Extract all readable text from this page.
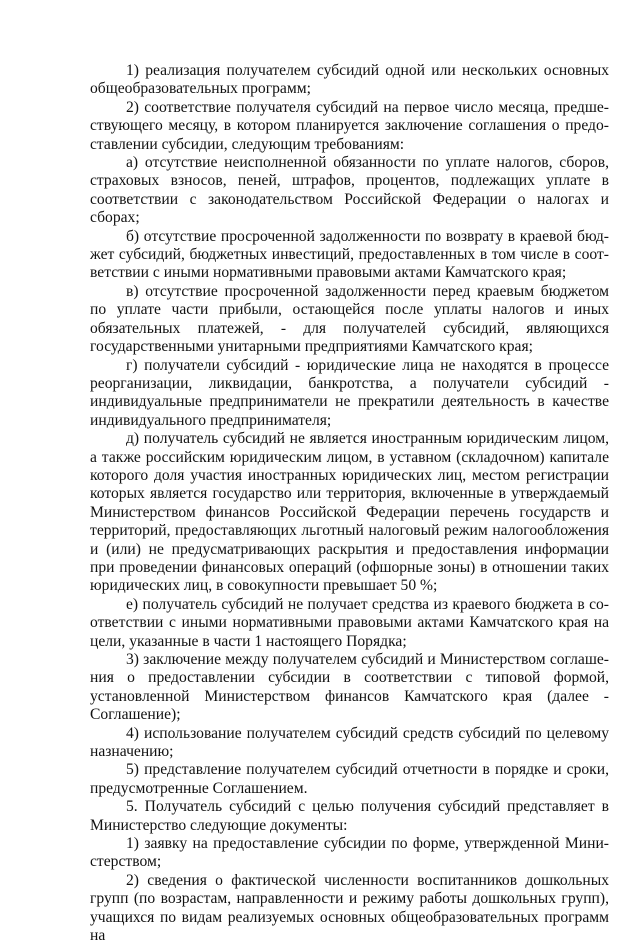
1) реализация получателем субсидий одной или нескольких основных общеобразовательных программ;

2) соответствие получателя субсидий на первое число месяца, предшествующего месяцу, в котором планируется заключение соглашения о предоставлении субсидии, следующим требованиям:

а) отсутствие неисполненной обязанности по уплате налогов, сборов, страховых взносов, пеней, штрафов, процентов, подлежащих уплате в соответствии с законодательством Российской Федерации о налогах и сборах;

б) отсутствие просроченной задолженности по возврату в краевой бюджет субсидий, бюджетных инвестиций, предоставленных в том числе в соответствии с иными нормативными правовыми актами Камчатского края;

в) отсутствие просроченной задолженности перед краевым бюджетом по уплате части прибыли, остающейся после уплаты налогов и иных обязательных платежей, - для получателей субсидий, являющихся государственными унитарными предприятиями Камчатского края;

г) получатели субсидий - юридические лица не находятся в процессе реорганизации, ликвидации, банкротства, а получатели субсидий - индивидуальные предприниматели не прекратили деятельность в качестве индивидуального предпринимателя;

д) получатель субсидий не является иностранным юридическим лицом, а также российским юридическим лицом, в уставном (складочном) капитале которого доля участия иностранных юридических лиц, местом регистрации которых является государство или территория, включенные в утверждаемый Министерством финансов Российской Федерации перечень государств и территорий, предоставляющих льготный налоговый режим налогообложения и (или) не предусматривающих раскрытия и предоставления информации при проведении финансовых операций (офшорные зоны) в отношении таких юридических лиц, в совокупности превышает 50 %;

е) получатель субсидий не получает средства из краевого бюджета в соответствии с иными нормативными правовыми актами Камчатского края на цели, указанные в части 1 настоящего Порядка;

3) заключение между получателем субсидий и Министерством соглашения о предоставлении субсидии в соответствии с типовой формой, установленной Министерством финансов Камчатского края (далее - Соглашение);

4) использование получателем субсидий средств субсидий по целевому назначению;

5) представление получателем субсидий отчетности в порядке и сроки, предусмотренные Соглашением.

5. Получатель субсидий с целью получения субсидий представляет в Министерство следующие документы:

1) заявку на предоставление субсидии по форме, утвержденной Министерством;

2) сведения о фактической численности воспитанников дошкольных групп (по возрастам, направленности и режиму работы дошкольных групп), учащихся по видам реализуемых основных общеобразовательных программ на
